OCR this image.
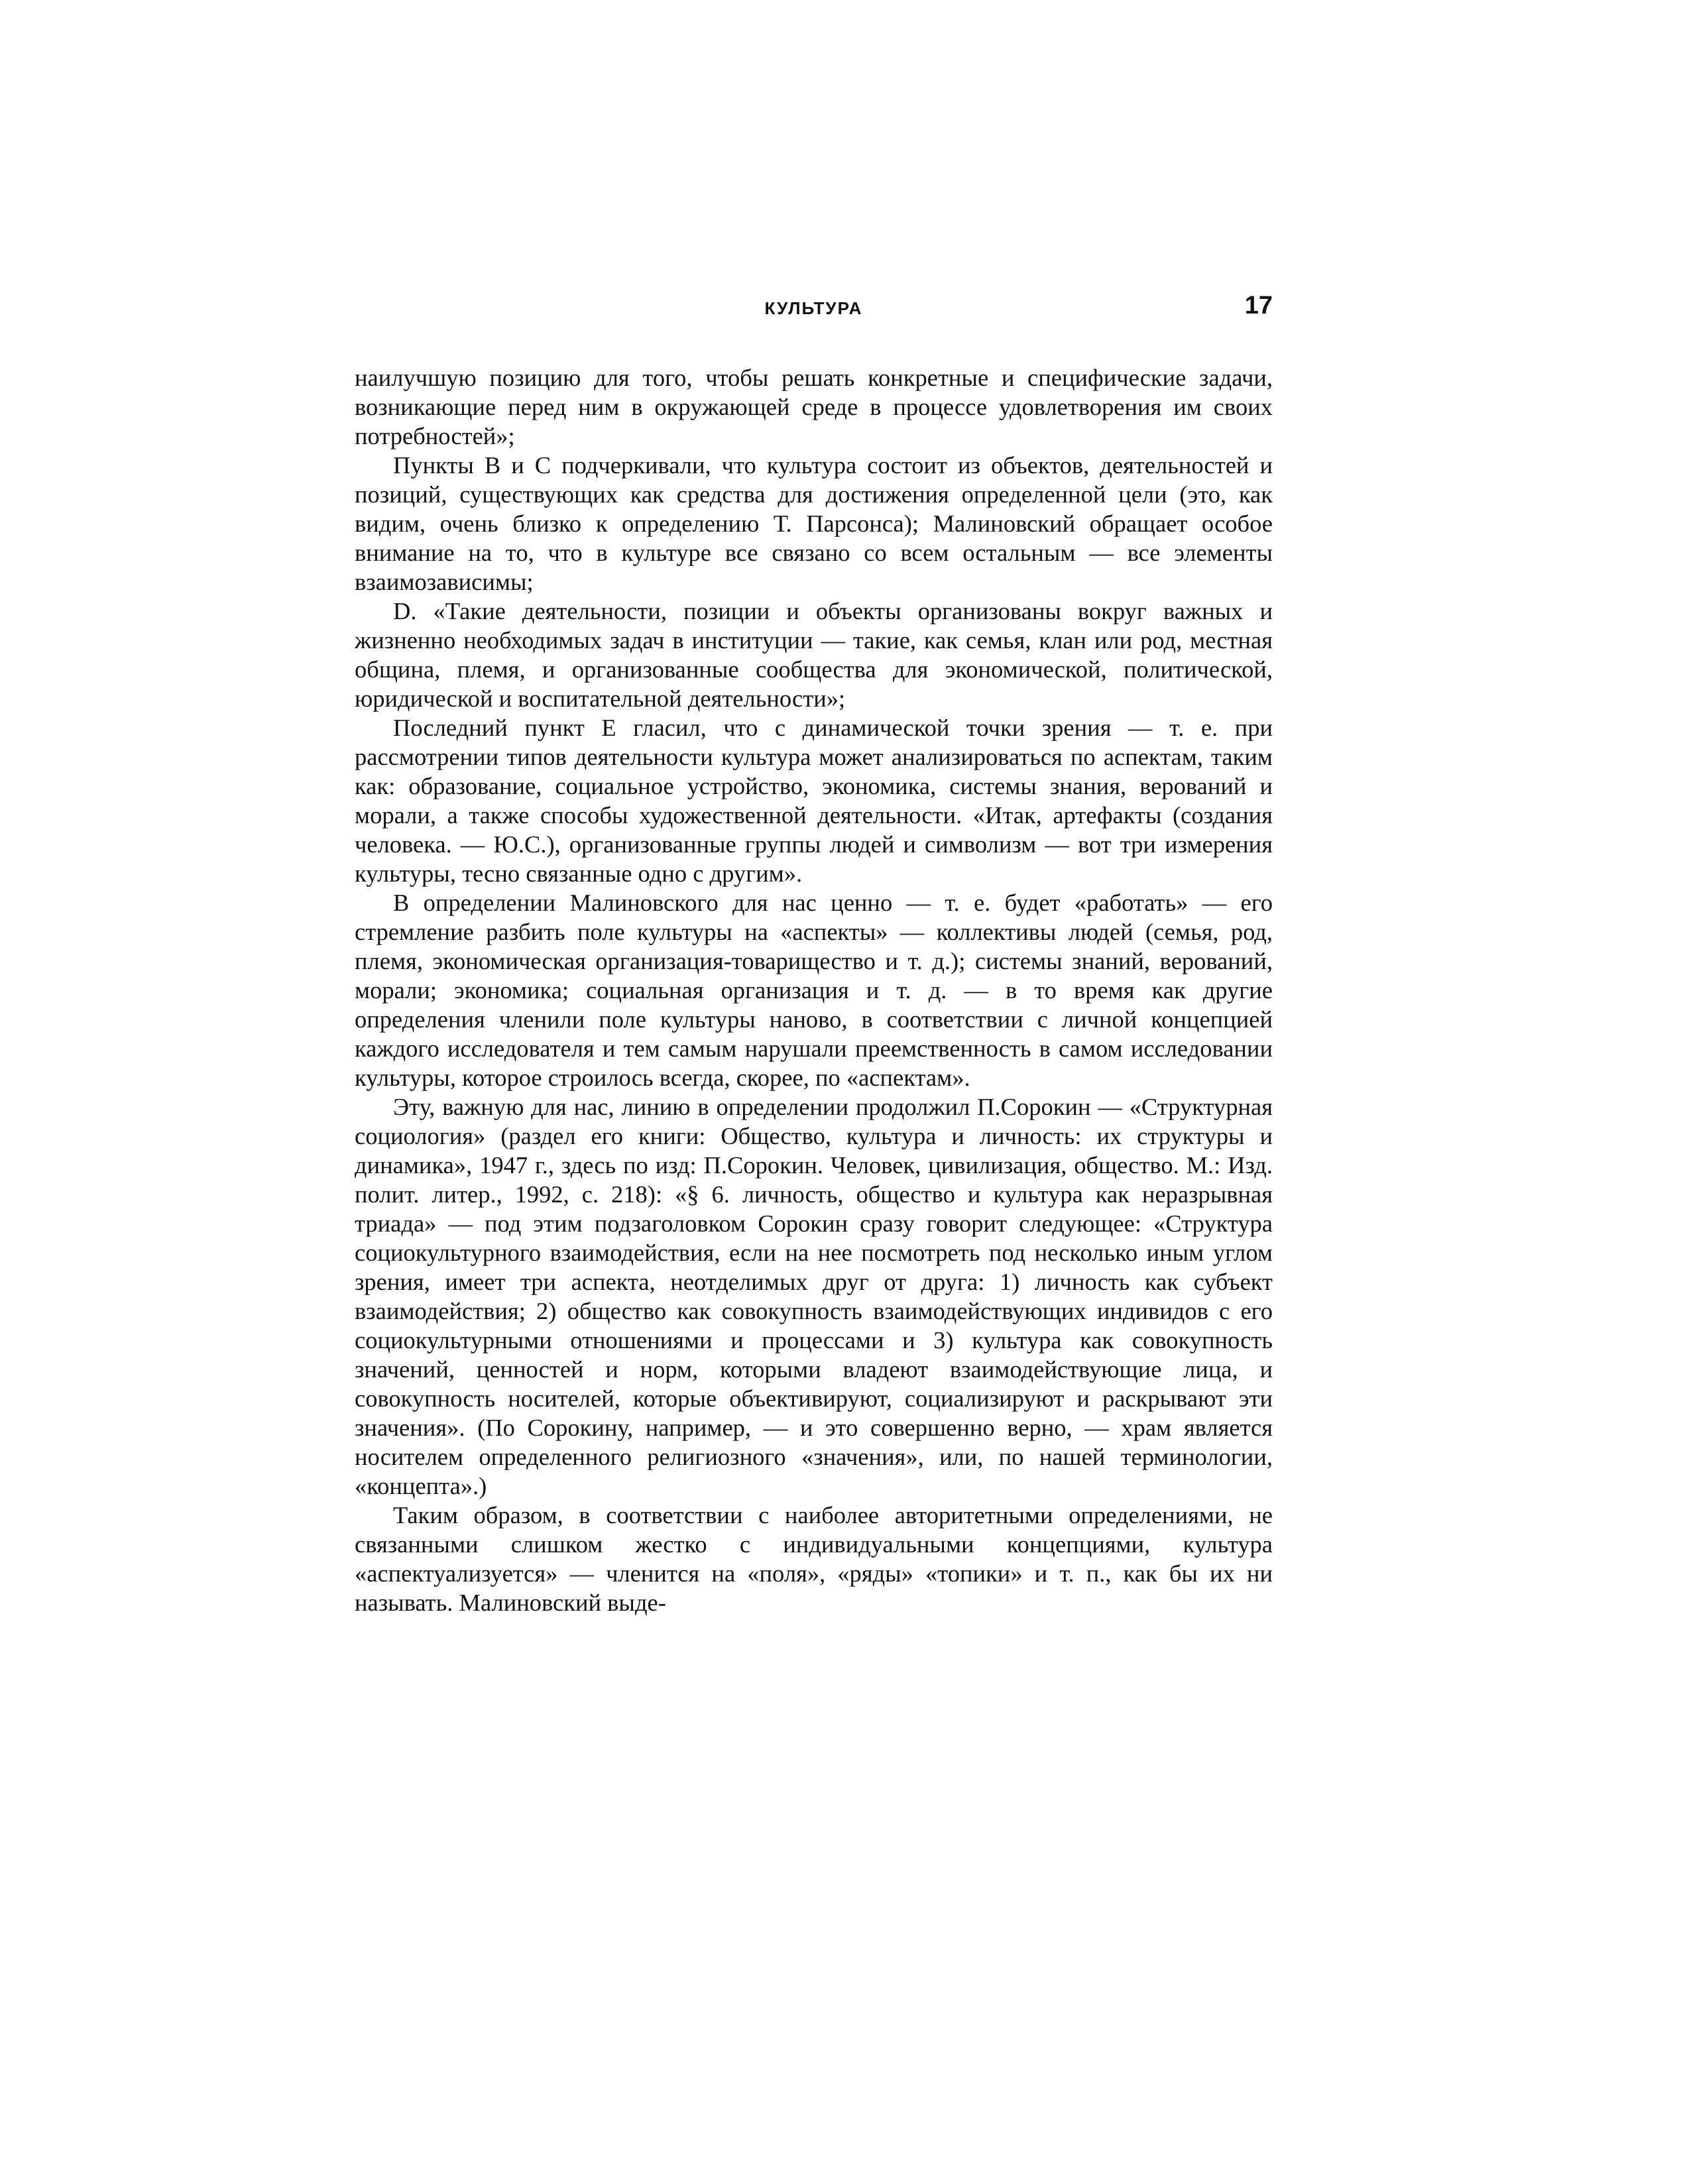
КУЛЬТУРА	17

наилучшую позицию для того, чтобы решать конкретные и специфические задачи, возникающие перед ним в окружающей среде в процессе удовлетворения им своих потребностей»;

Пункты B и C подчеркивали, что культура состоит из объектов, деятельностей и позиций, существующих как средства для достижения определенной цели (это, как видим, очень близко к определению Т. Парсонса); Малиновский обращает особое внимание на то, что в культуре все связано со всем остальным — все элементы взаимозависимы;

D. «Такие деятельности, позиции и объекты организованы вокруг важных и жизненно необходимых задач в институции — такие, как семья, клан или род, местная община, племя, и организованные сообщества для экономической, политической, юридической и воспитательной деятельности»;

Последний пункт E гласил, что с динамической точки зрения — т. е. при рассмотрении типов деятельности культура может анализироваться по аспектам, таким как: образование, социальное устройство, экономика, системы знания, верований и морали, а также способы художественной деятельности. «Итак, артефакты (создания человека. — Ю.С.), организованные группы людей и символизм — вот три измерения культуры, тесно связанные одно с другим».

В определении Малиновского для нас ценно — т. е. будет «работать» — его стремление разбить поле культуры на «аспекты» — коллективы людей (семья, род, племя, экономическая организация-товарищество и т. д.); системы знаний, верований, морали; экономика; социальная организация и т. д. — в то время как другие определения членили поле культуры наново, в соответствии с личной концепцией каждого исследователя и тем самым нарушали преемственность в самом исследовании культуры, которое строилось всегда, скорее, по «аспектам».

Эту, важную для нас, линию в определении продолжил П.Сорокин — «Структурная социология» (раздел его книги: Общество, культура и личность: их структуры и динамика», 1947 г., здесь по изд: П.Сорокин. Человек, цивилизация, общество. М.: Изд. полит. литер., 1992, с. 218): «§ 6. личность, общество и культура как неразрывная триада» — под этим подзаголовком Сорокин сразу говорит следующее: «Структура социокультурного взаимодействия, если на нее посмотреть под несколько иным углом зрения, имеет три аспекта, неотделимых друг от друга: 1) личность как субъект взаимодействия; 2) общество как совокупность взаимодействующих индивидов с его социокультурными отношениями и процессами и 3) культура как совокупность значений, ценностей и норм, которыми владеют взаимодействующие лица, и совокупность носителей, которые объективируют, социализируют и раскрывают эти значения». (По Сорокину, например, — и это совершенно верно, — храм является носителем определенного религиозного «значения», или, по нашей терминологии, «концепта».)

Таким образом, в соответствии с наиболее авторитетными определениями, не связанными слишком жестко с индивидуальными концепциями, культура «аспектуализуется» — членится на «поля», «ряды» «топики» и т. п., как бы их ни называть. Малиновский выде-
